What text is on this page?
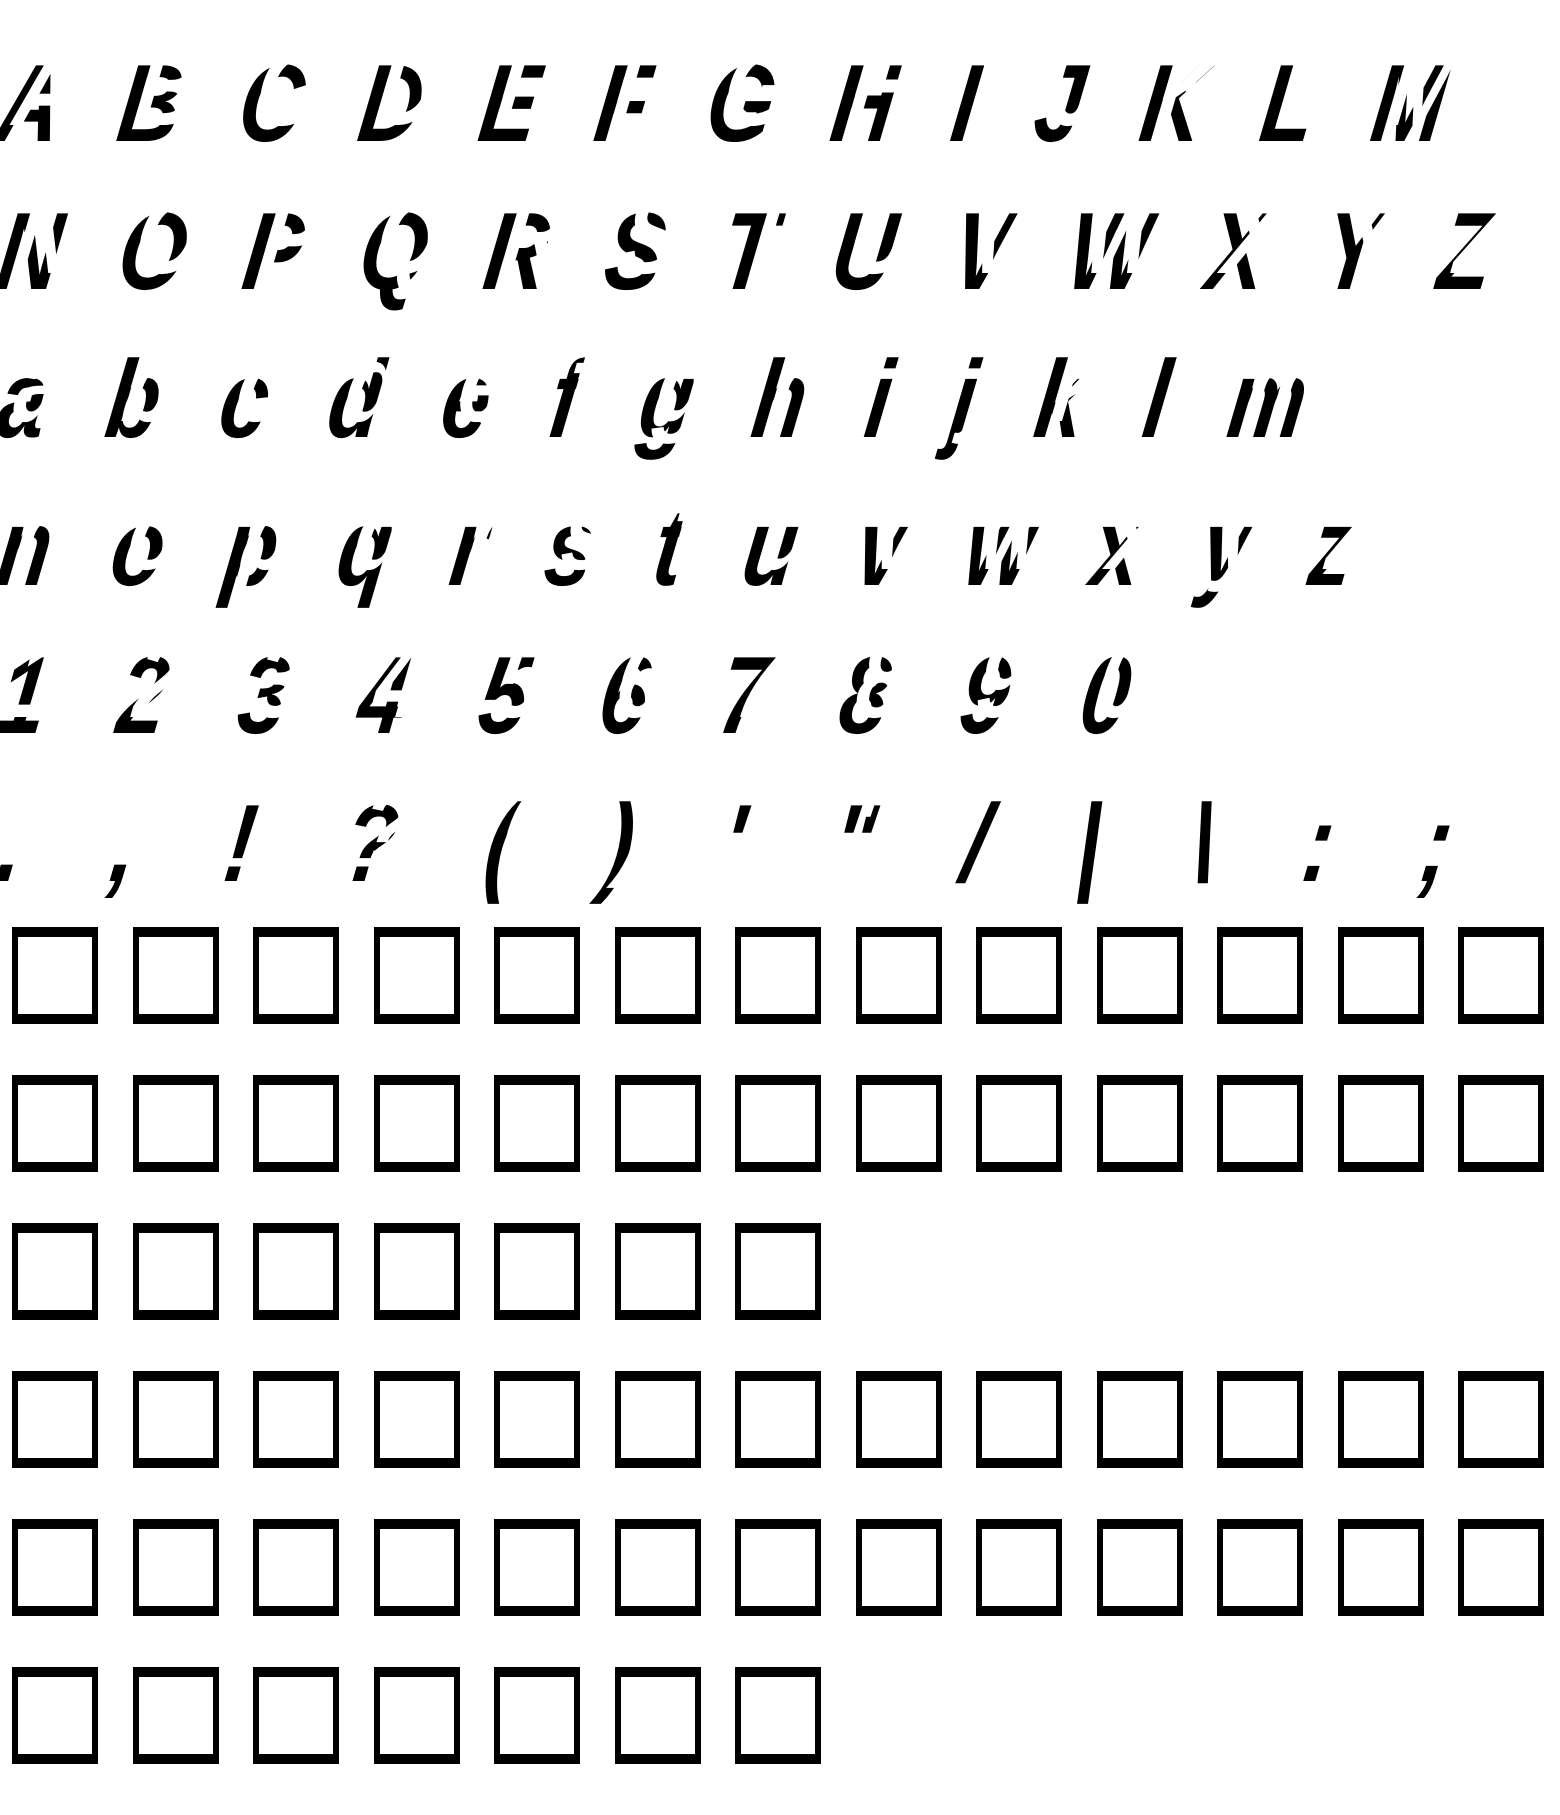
A B C D E F G H I J K L M
N O P Q R S T U V W X Y Z
a b c d e f g h i j k l m
n o p q r s t u v w x y z
1 2 3 4 5 6 7 8 9 0
. , ! ? ( ) ' " / | \ : ;
